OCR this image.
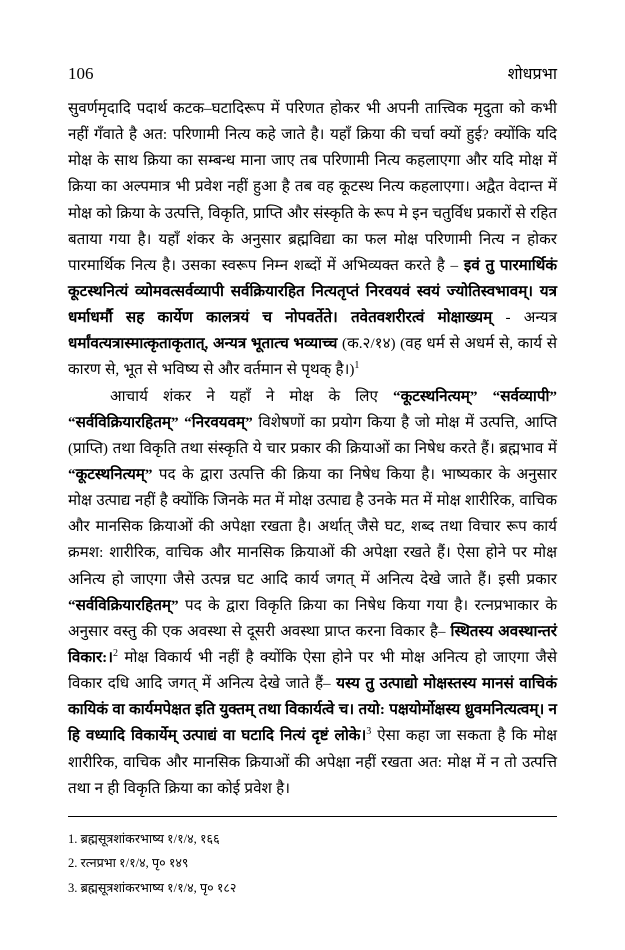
106	शोधप्रभा

सुवर्णमृदादि पदार्थ कटक–घटादिरूप में परिणत होकर भी अपनी तात्त्विक मृदुता को कभी नहीं गँवाते है अत: परिणामी नित्य कहे जाते है। यहाँ क्रिया की चर्चा क्यों हुई? क्योंकि यदि मोक्ष के साथ क्रिया का सम्बन्ध माना जाए तब परिणामी नित्य कहलाएगा और यदि मोक्ष में क्रिया का अल्पमात्र भी प्रवेश नहीं हुआ है तब वह कूटस्थ नित्य कहलाएगा। अद्वैत वेदान्त में मोक्ष को क्रिया के उत्पत्ति, विकृति, प्राप्ति और संस्कृति के रूप मे इन चतुर्विध प्रकारों से रहित बताया गया है। यहाँ शंकर के अनुसार ब्रह्मविद्या का फल मोक्ष परिणामी नित्य न होकर पारमार्थिक नित्य है। उसका स्वरूप निम्न शब्दों में अभिव्यक्त करते है – इवं तु पारमार्थिकं कूटस्थनित्यं व्योमवत्सर्वव्यापी सर्वक्रियारहित नित्यतृप्तं निरवयवं स्वयं ज्योतिस्वभावम्। यत्र धर्माधर्मौ सह कार्येण कालत्रयं च नोपवर्तेते। तवेतवशरीरत्वं मोक्षाख्यम् - अन्यत्र धर्मांवत्यत्रास्मात्कृताकृतात्, अन्यत्र भूतात्च भव्याच्च (क.२/१४) (वह धर्म से अधर्म से, कार्य से कारण से, भूत से भविष्य से और वर्तमान से पृथक् है।)$^1$

आचार्य शंकर ने यहाँ ने मोक्ष के लिए “कूटस्थनित्यम्” “सर्वव्यापी” “सर्वविक्रियारहितम्” “निरवयवम्” विशेषणों का प्रयोग किया है जो मोक्ष में उत्पत्ति, आप्ति (प्राप्ति) तथा विकृति तथा संस्कृति ये चार प्रकार की क्रियाओं का निषेध करते हैं। ब्रह्मभाव में “कूटस्थनित्यम्” पद के द्वारा उत्पत्ति की क्रिया का निषेध किया है। भाष्यकार के अनुसार मोक्ष उत्पाद्य नहीं है क्योंकि जिनके मत में मोक्ष उत्पाद्य है उनके मत में मोक्ष शारीरिक, वाचिक और मानसिक क्रियाओं की अपेक्षा रखता है। अर्थात् जैसे घट, शब्द तथा विचार रूप कार्य क्रमश: शारीरिक, वाचिक और मानसिक क्रियाओं की अपेक्षा रखते हैं। ऐसा होने पर मोक्ष अनित्य हो जाएगा जैसे उत्पन्न घट आदि कार्य जगत् में अनित्य देखे जाते हैं। इसी प्रकार “सर्वविक्रियारहितम्” पद के द्वारा विकृति क्रिया का निषेध किया गया है। रत्नप्रभाकार के अनुसार वस्तु की एक अवस्था से दूसरी अवस्था प्राप्त करना विकार है– स्थितस्य अवस्थान्तरं विकार:।$^2$ मोक्ष विकार्य भी नहीं है क्योंकि ऐसा होने पर भी मोक्ष अनित्य हो जाएगा जैसे विकार दधि आदि जगत् में अनित्य देखे जाते हैं– यस्य तु उत्पाद्यो मोक्षस्तस्य मानसं वाचिकं कायिकं वा कार्यमपेक्षत इति युक्तम् तथा विकार्यत्वे च। तयो: पक्षयोर्मोक्षस्य ध्रुवमनित्यत्वम्। न हि वध्यादि विकार्येम् उत्पाद्यं वा घटादि नित्यं दृष्टं लोके।$^3$ ऐसा कहा जा सकता है कि मोक्ष शारीरिक, वाचिक और मानसिक क्रियाओं की अपेक्षा नहीं रखता अत: मोक्ष में न तो उत्पत्ति तथा न ही विकृति क्रिया का कोई प्रवेश है।

1. ब्रह्मसूत्रशांकरभाष्य १/१/४, १६६
2. रत्नप्रभा १/१/४, पृ० १४९
3. ब्रह्मसूत्रशांकरभाष्य १/१/४, पृ० १८२
